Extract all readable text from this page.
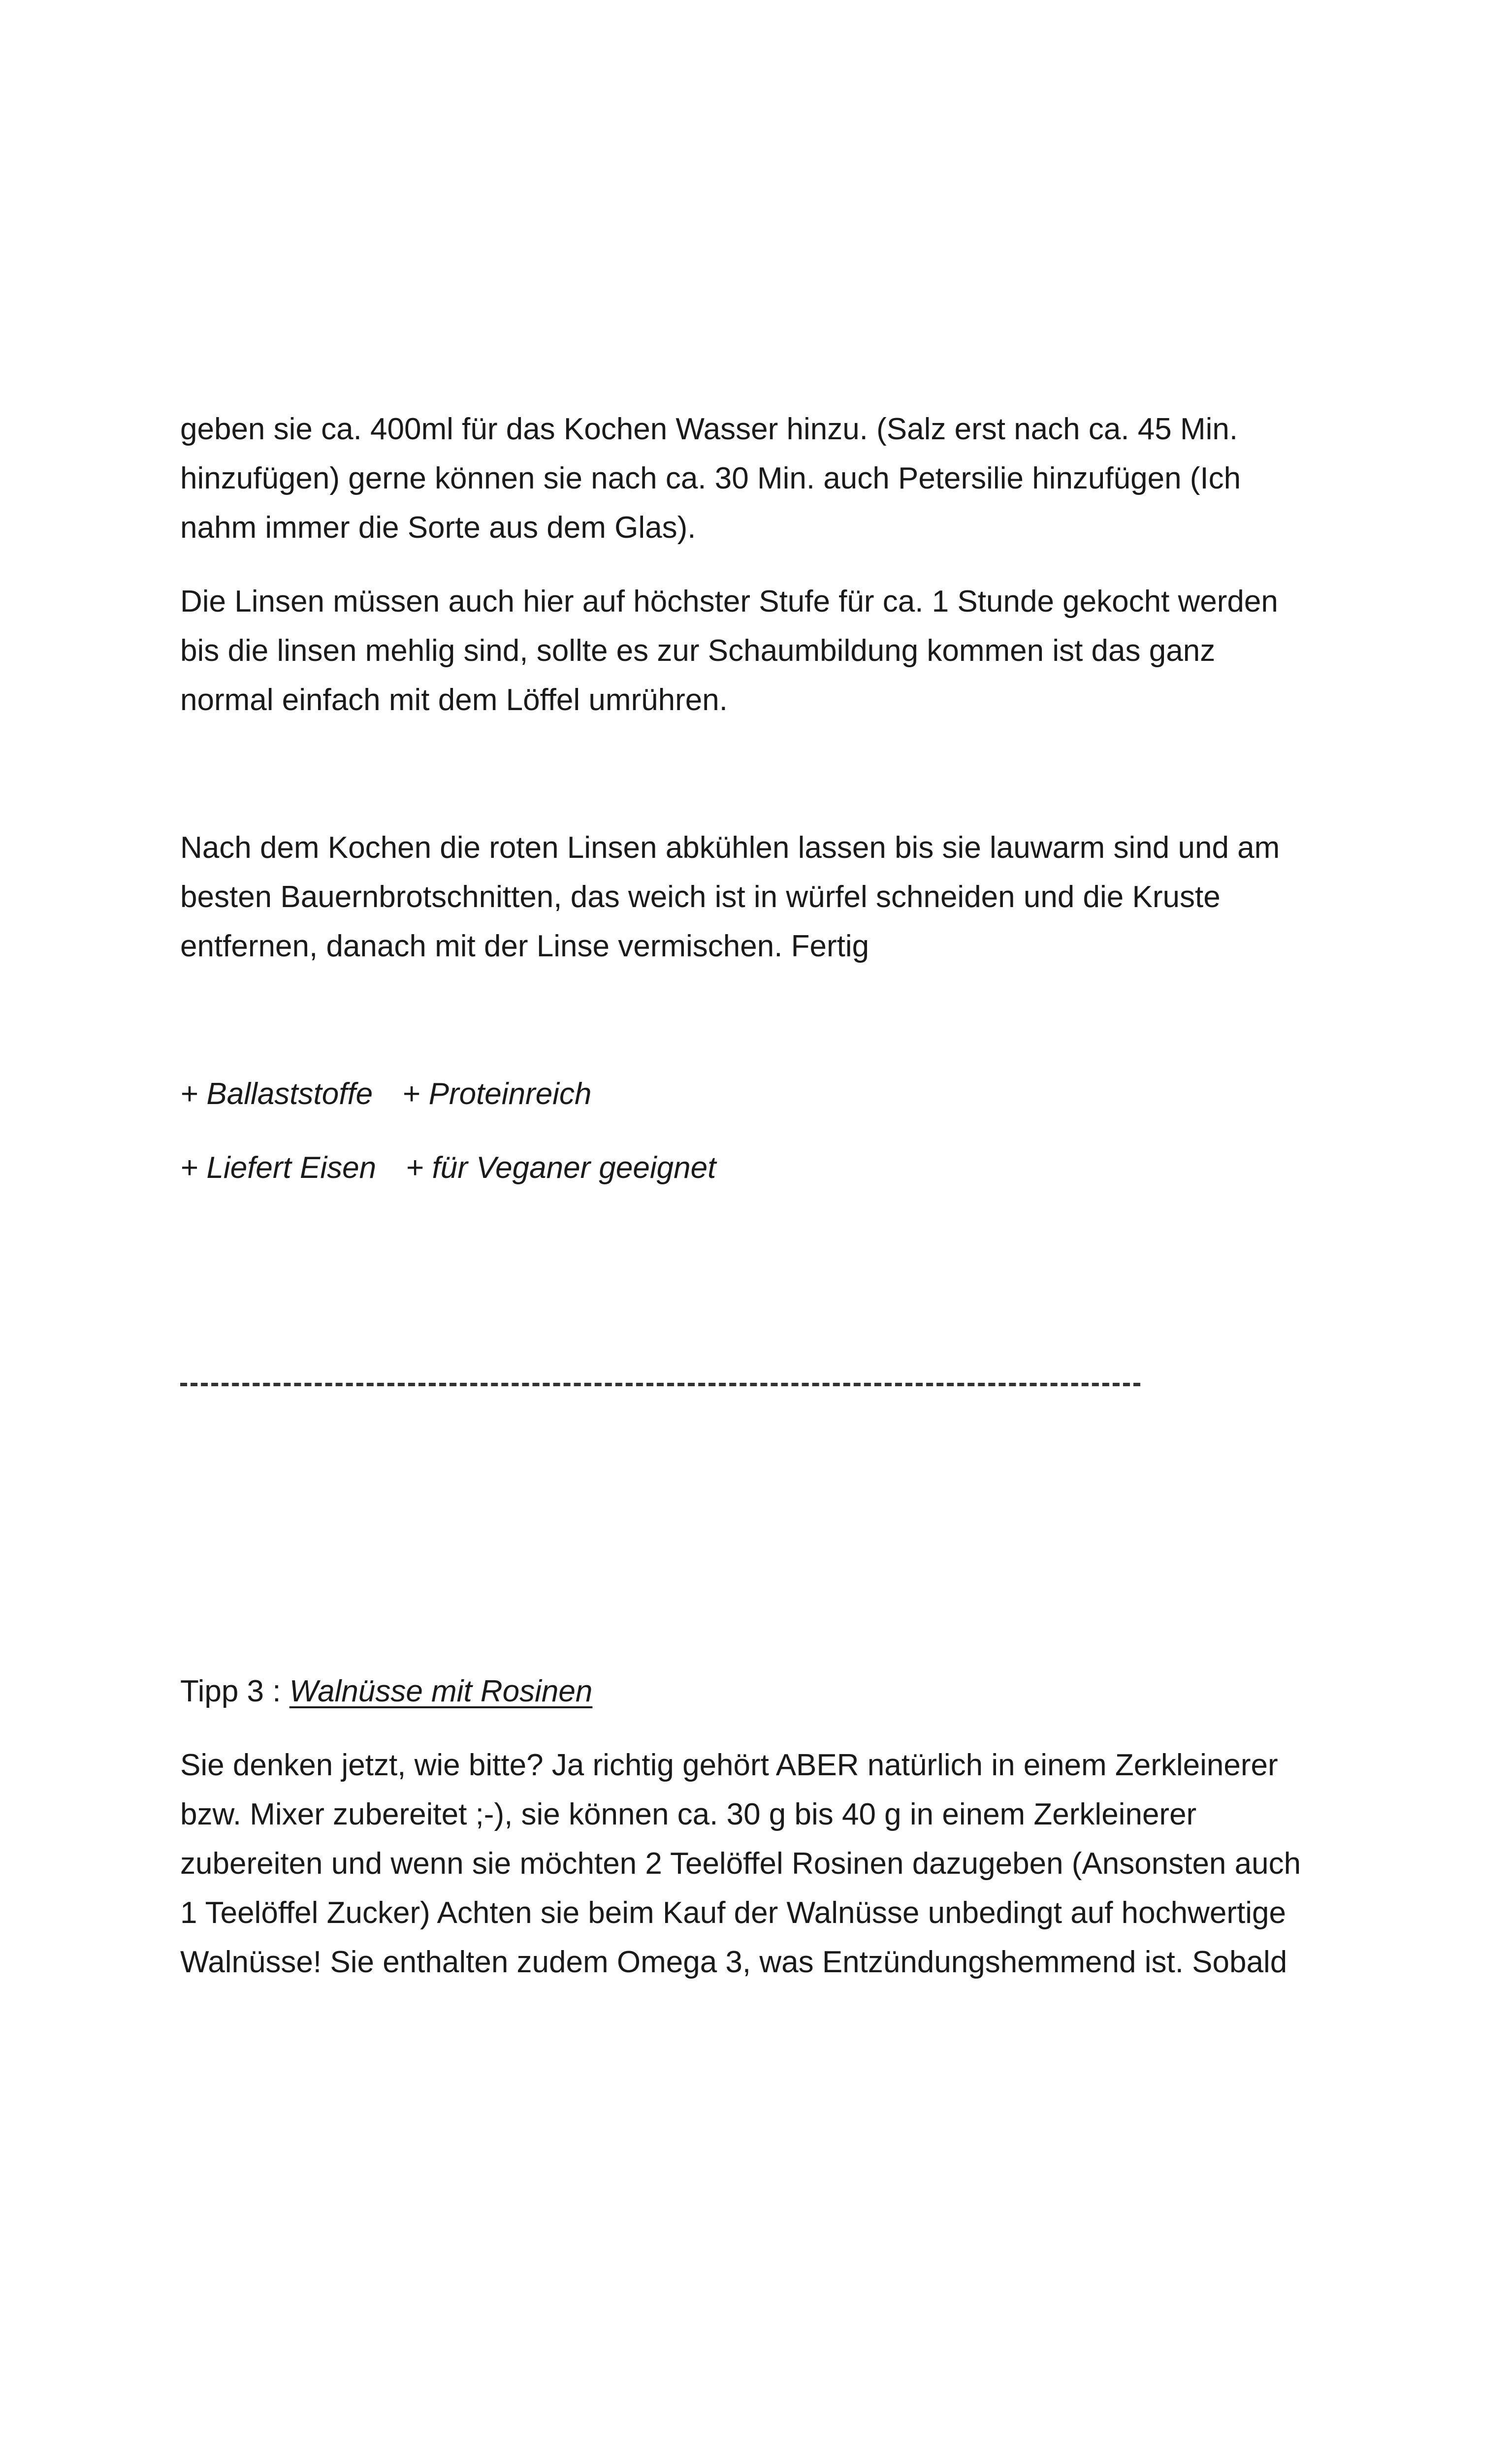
geben sie ca. 400ml für das Kochen Wasser hinzu. (Salz erst nach ca. 45 Min.
hinzufügen) gerne können sie nach ca. 30 Min. auch Petersilie hinzufügen (Ich
nahm immer die Sorte aus dem Glas).

Die Linsen müssen auch hier auf höchster Stufe für ca. 1 Stunde gekocht werden
bis die linsen mehlig sind, sollte es zur Schaumbildung kommen ist das ganz
normal einfach mit dem Löffel umrühren.

Nach dem Kochen die roten Linsen abkühlen lassen bis sie lauwarm sind und am
besten Bauernbrotschnitten, das weich ist in würfel schneiden und die Kruste
entfernen, danach mit der Linse vermischen. Fertig

+ Ballaststoffe + Proteinreich

+ Liefert Eisen + für Veganer geeignet

Tipp 3 : Walnüsse mit Rosinen

Sie denken jetzt, wie bitte? Ja richtig gehört ABER natürlich in einem Zerkleinerer
bzw. Mixer zubereitet ;-), sie können ca. 30 g bis 40 g in einem Zerkleinerer
zubereiten und wenn sie möchten 2 Teelöffel Rosinen dazugeben (Ansonsten auch
1 Teelöffel Zucker) Achten sie beim Kauf der Walnüsse unbedingt auf hochwertige
Walnüsse! Sie enthalten zudem Omega 3, was Entzündungshemmend ist. Sobald
